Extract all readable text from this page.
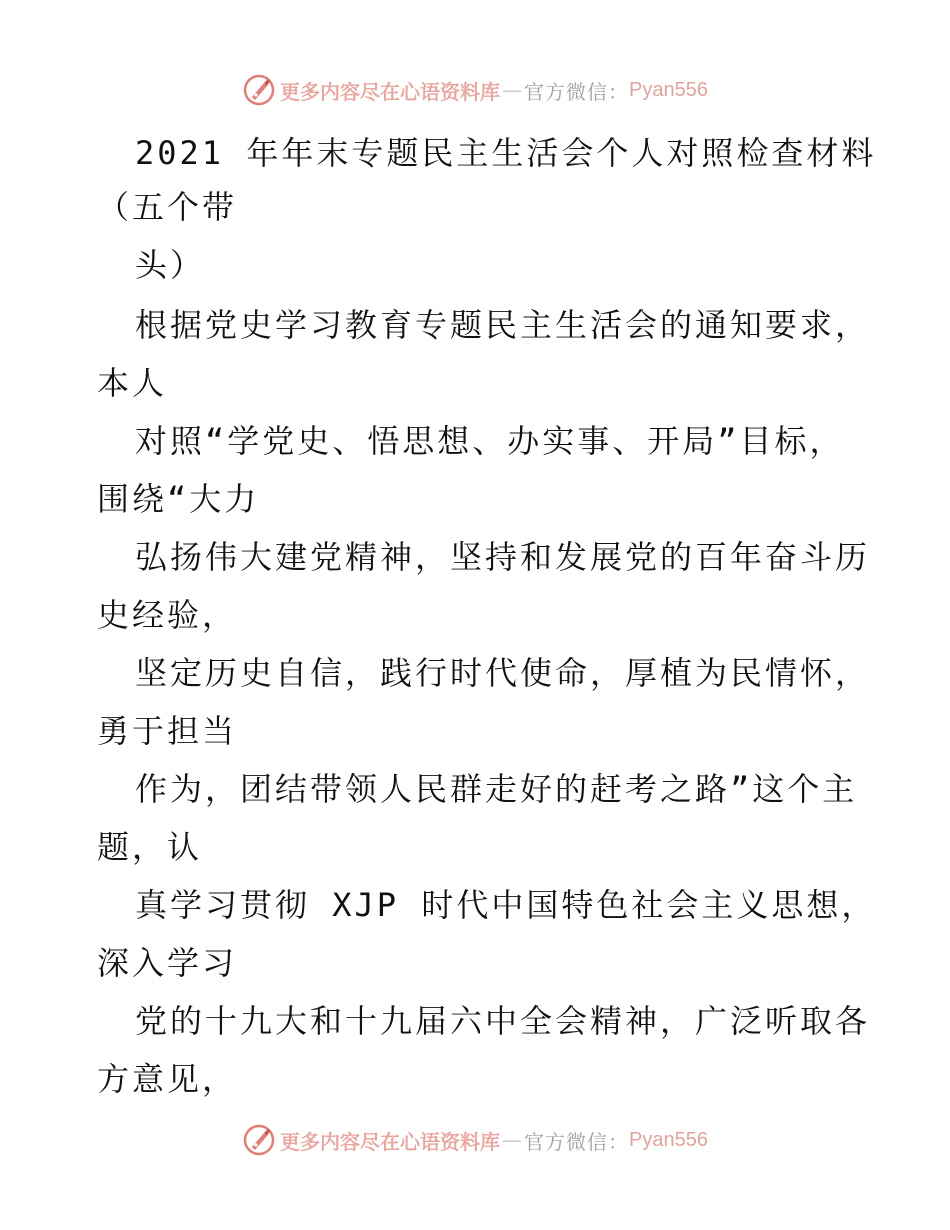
更多内容尽在心语资料库 — 官方微信： Pyan556
2021 年年末专题民主生活会个人对照检查材料
（五个带
头）
根据党史学习教育专题民主生活会的通知要求，
本人
对照“学党史、悟思想、办实事、开局”目标，
围绕“大力
弘扬伟大建党精神，坚持和发展党的百年奋斗历
史经验，
坚定历史自信，践行时代使命，厚植为民情怀，
勇于担当
作为，团结带领人民群走好的赶考之路”这个主
题，认
真学习贯彻 XJP 时代中国特色社会主义思想，
深入学习
党的十九大和十九届六中全会精神，广泛听取各
方意见，
更多内容尽在心语资料库 — 官方微信： Pyan556
